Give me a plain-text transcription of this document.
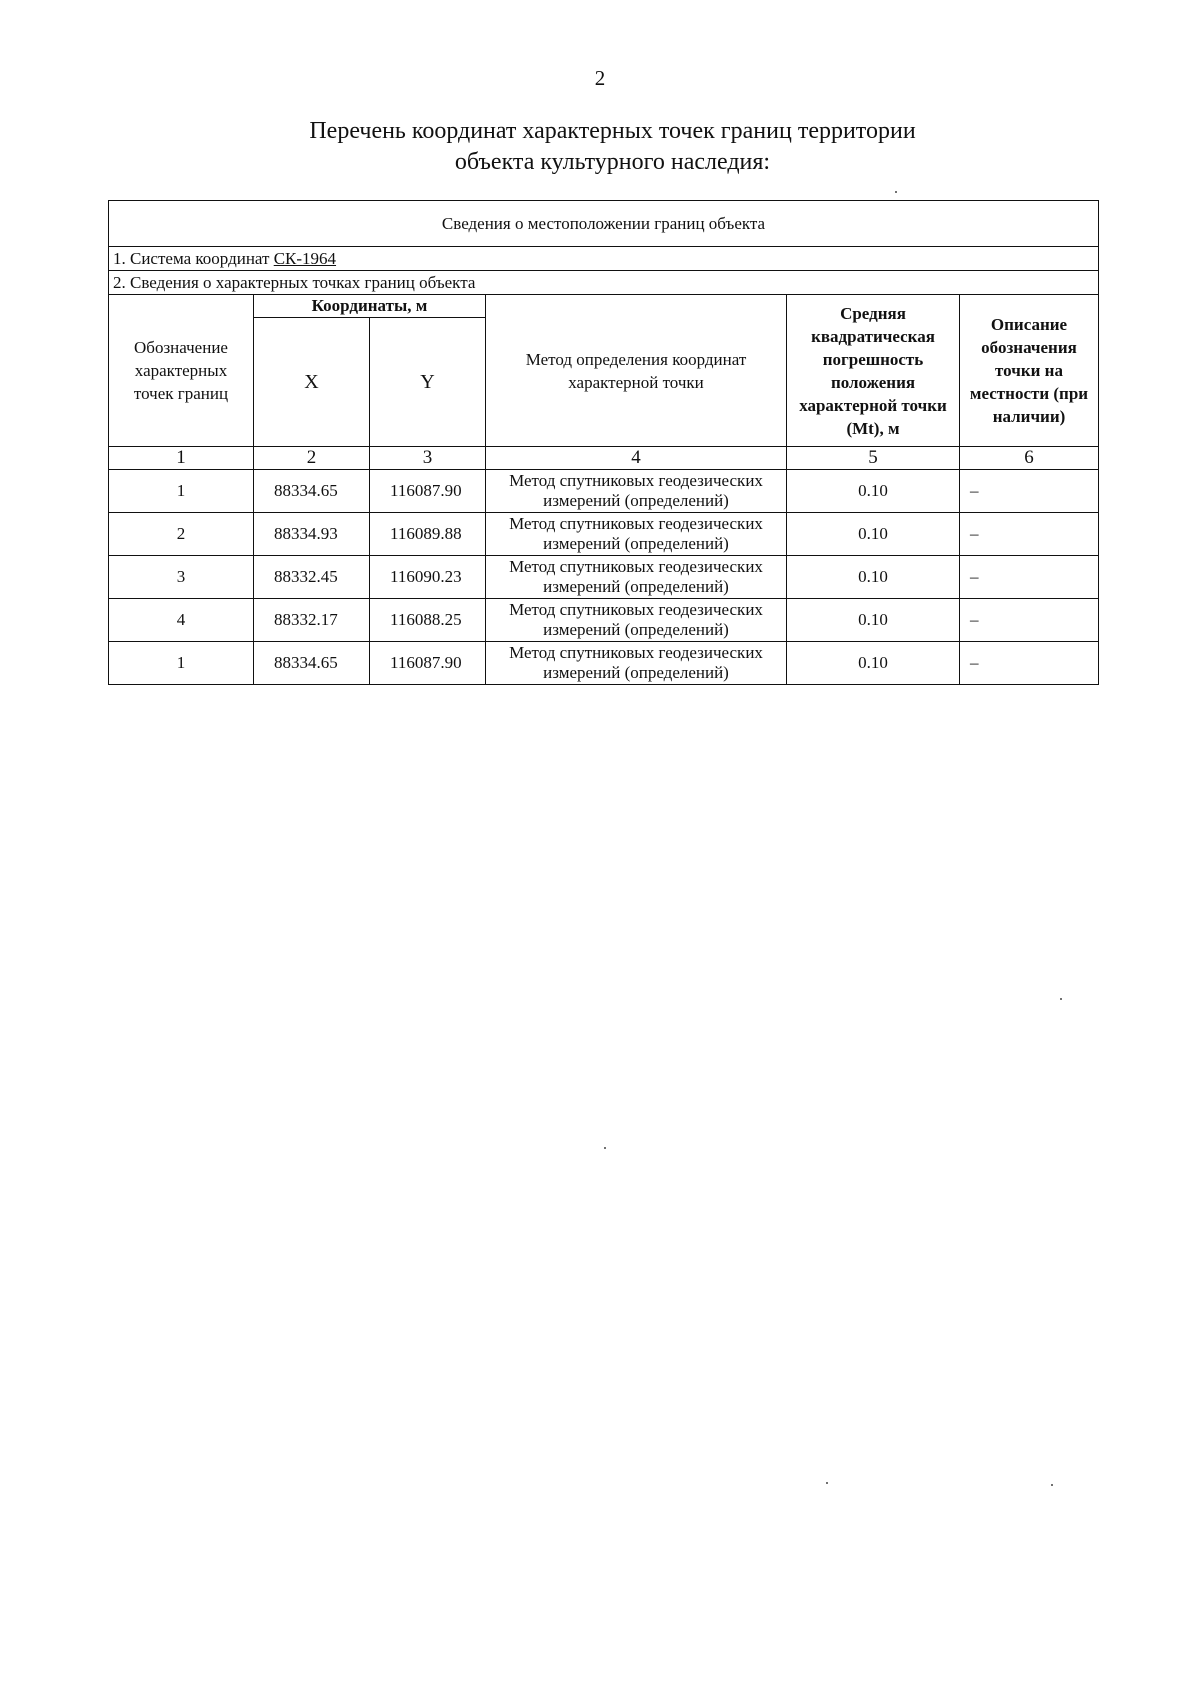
2
Перечень координат характерных точек границ территории
объекта культурного наследия:
Сведения о местоположении границ объекта					
1. Система координат СК-1964					
2. Сведения о характерных точках границ объекта					
Обозначение характерных точек границ	Координаты, м		Метод определения координат характерной точки	Средняя квадратическая погрешность положения характерной точки (Mt), м	Описание обозначения точки на местности (при наличии)
	X	Y			
1	2	3	4	5	6
1	88334.65	116087.90	Метод спутниковых геодезических измерений (определений)	0.10	–
2	88334.93	116089.88	Метод спутниковых геодезических измерений (определений)	0.10	–
3	88332.45	116090.23	Метод спутниковых геодезических измерений (определений)	0.10	–
4	88332.17	116088.25	Метод спутниковых геодезических измерений (определений)	0.10	–
1	88334.65	116087.90	Метод спутниковых геодезических измерений (определений)	0.10	–
